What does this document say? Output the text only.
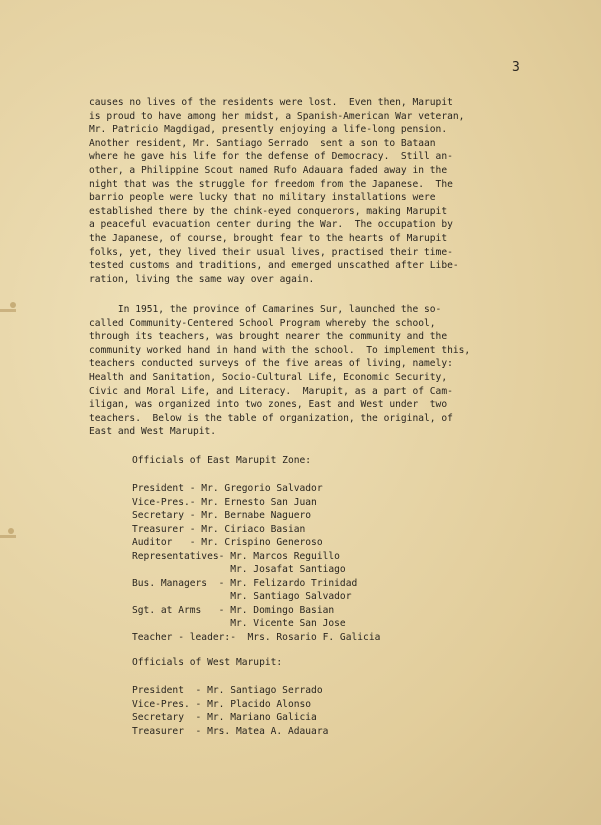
3
causes no lives of the residents were lost.  Even then, Marupit
is proud to have among her midst, a Spanish-American War veteran,
Mr. Patricio Magdigad, presently enjoying a life-long pension.
Another resident, Mr. Santiago Serrado  sent a son to Bataan
where he gave his life for the defense of Democracy.  Still an-
other, a Philippine Scout named Rufo Adauara faded away in the
night that was the struggle for freedom from the Japanese.  The
barrio people were lucky that no military installations were
established there by the chink-eyed conquerors, making Marupit
a peaceful evacuation center during the War.  The occupation by
the Japanese, of course, brought fear to the hearts of Marupit
folks, yet, they lived their usual lives, practised their time-
tested customs and traditions, and emerged unscathed after Libe-
ration, living the same way over again.
In 1951, the province of Camarines Sur, launched the so-
called Community-Centered School Program whereby the school,
through its teachers, was brought nearer the community and the
community worked hand in hand with the school.  To implement this,
teachers conducted surveys of the five areas of living, namely:
Health and Sanitation, Socio-Cultural Life, Economic Security,
Civic and Moral Life, and Literacy.  Marupit, as a part of Cam-
iligan, was organized into two zones, East and West under  two
teachers.  Below is the table of organization, the original, of
East and West Marupit.
Officials of East Marupit Zone:
President - Mr. Gregorio Salvador
Vice-Pres.- Mr. Ernesto San Juan
Secretary - Mr. Bernabe Naguero
Treasurer - Mr. Ciriaco Basian
Auditor   - Mr. Crispino Generoso
Representatives- Mr. Marcos Reguillo
Mr. Josafat Santiago
Bus. Managers  - Mr. Felizardo Trinidad
Mr. Santiago Salvador
Sgt. at Arms   - Mr. Domingo Basian
Mr. Vicente San Jose
Teacher - leader:-  Mrs. Rosario F. Galicia
Officials of West Marupit:
President  - Mr. Santiago Serrado
Vice-Pres. - Mr. Placido Alonso
Secretary  - Mr. Mariano Galicia
Treasurer  - Mrs. Matea A. Adauara
